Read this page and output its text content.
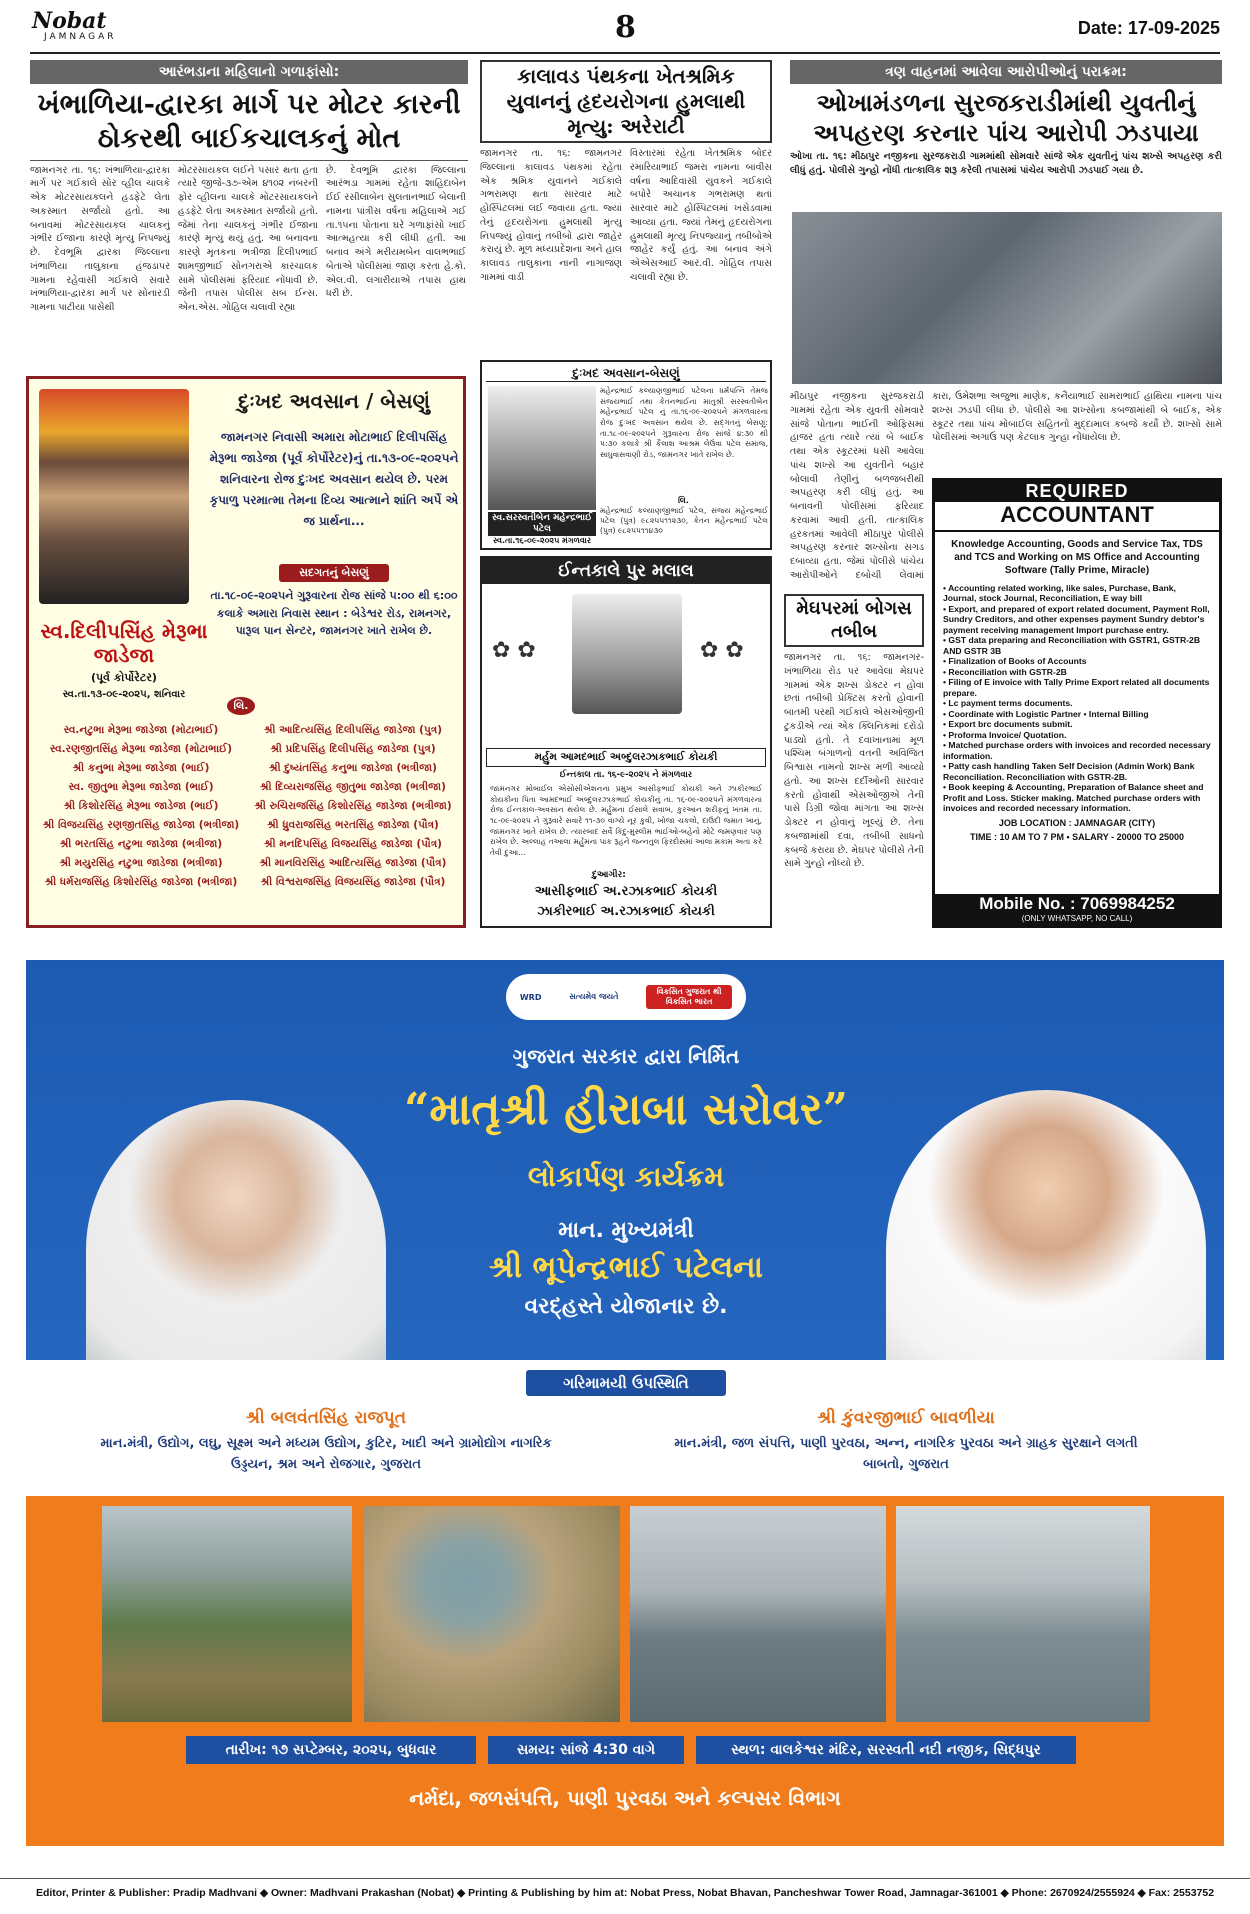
Nobat
JAMNAGAR	8	Date: 17-09-2025
આરંભડાના મહિલાનો ગળાફાંસો:
ખંભાળિયા-દ્વારકા માર્ગ પર મોટર કારની ઠોકરથી બાઈકચાલકનું મોત
જામનગર તા. ૧૬: ખંભાળિયા-દ્વારકા માર્ગ પર ગઈકાલે સોર વ્હીલ ચાલકે એક મોટરસાયકલને હડફેટે લેતા અકસ્માત સર્જાયો હતો. આ બનાવમાં મોટરસાયકલ ચાલકનું ગંભીર ઈજાના કારણે મૃત્યુ નિપજ્યું છે. દેવભૂમિ દ્વારકા જિલ્લાના ખંભાળિયા તાલુકાના હંજડાપર ગામના રહેવાસી ગઈકાલે સવારે ખંભાળિયા-દ્વારકા માર્ગ પર સોનારડી ગામના પાટીયા પાસેથી
મોટરસાયકલ લઈને પસાર થતા હતા ત્યારે જીજે-૩૭-એમ ૪૧૦૨ નંબરની ફોર વ્હીલના ચાલકે મોટરસાયકલને હડફેટે લેતા અકસ્માત સર્જાયો હતો. જેમાં તેના ચાલકનું ગંભીર ઈજાના કારણે મૃત્યુ થયું હતું. આ બનાવના કારણે મૃતકના ભત્રીજા દિલીપભાઈ શામજીભાઈ સોનગરાએ કારચાલક સામે પોલીસમાં ફરિયાદ નોંધાવી છે. જેની તપાસ પોલીસ સબ ઈન્સ. એન.એસ. ગોહિલ ચલાવી રહ્યા
છે. દેવભૂમિ દ્વારકા જિલ્લાના આરંભડા ગામમાં રહેતા શાહિદાબેન ઈઈ રસીલાબેન સુલતાનભાઈ બેલાની નામના પાંત્રીસ વર્ષના મહિલાએ ગઈ તા.૧૫ના પોતાના ઘરે ગળાફાંસો ખાઈ આત્મહત્યા કરી લીધી હતી. આ બનાવ અંગે મરીયમબેન વાલભભાઈ બેતાએ પોલીસમાં જાણ કરતા હે.કો. એલ.વી. લગારીયાએ તપાસ હાથ ધરી છે.
કાલાવડ પંથકના ખેતશ્રમિક યુવાનનું હૃદયરોગના હુમલાથી મૃત્યુ: અરેરાટી
જામનગર તા. ૧૬: જામનગર જિલ્લાના કાલાવડ પંથકમાં રહેતા એક શ્રમિક યુવાનને ગઈકાલે ગભરામણ થતા સારવાર માટે હોસ્પિટલમાં લઈ જવાયા હતા. જ્યાં તેનું હૃદયરોગના હુમલાથી મૃત્યુ નિપજ્યું હોવાનું તબીબો દ્વારા જાહેર કરાયું છે. મૂળ મધ્યપ્રદેશના અને હાલ કાલાવડ તાલુકાના નાની નાગાજણ ગામમાં વાડી
વિસ્તારમાં રહેતા ખેતશ્રમિક બોદર રમારિયાભાઈ જમરા નામના બાવીસ વર્ષના આદિવાસી યુવકને ગઈકાલે બપોરે અચાનક ગભરામણ થતાં સારવાર માટે હોસ્પિટલમાં ખસેડવામાં આવ્યા હતા. જ્યાં તેમનું હૃદયરોગના હુમલાથી મૃત્યુ નિપજ્યાનું તબીબોએ જાહેર કર્યું હતું. આ બનાવ અંગે એએસઆઈ આર.વી. ગોહિલ તપાસ ચલાવી રહ્યા છે.
ત્રણ વાહનમાં આવેલા આરોપીઓનું પરાક્રમ:
ઓખામંડળના સુરજકરાડીમાંથી યુવતીનું અપહરણ કરનાર પાંચ આરોપી ઝડપાયા
ઓખા તા. ૧૬: મીઠાપુર નજીકના સુરજકરાડી ગામમાંથી સોમવારે સાંજે એક યુવતીનું પાંચ શખ્સે અપહરણ કરી લીધું હતું. પોલીસે ગુન્હો નોંધી તાત્કાલિક શરૂ કરેલી તપાસમાં પાંચેય આરોપી ઝડપાઈ ગયા છે.
મીઠાપુર નજીકના સુરજકરાડી ગામમાં રહેતા એક યુવતી સોમવારે સાંજે પોતાના ભાઈની ઓફિસમાં હાજર હતા ત્યારે ત્યાં બે બાઈક તથા એક સ્કૂટરમાં ધસી આવેલા પાંચ શખ્સે આ યુવતીને બહાર બોલાવી તેણીનું બળજબરીથી અપહરણ કરી લીધું હતું. આ બનાવની પોલીસમાં ફરિયાદ કરવામાં આવી હતી. તાત્કાલિક હરકતમાં આવેલી મીઠાપુર પોલીસે અપહરણ કરનાર શખ્સોના સગડ દબાવ્યા હતા. જેમાં પોલીસે પાંચેય આરોપીઓને દબોચી લેવામાં
કારા, ઉમેશભા અજુભા માણેક, કનૈયાભાઈ સામરાભાઈ હાથિયા નામના પાંચ શખ્સ ઝડપી લીધા છે. પોલીસે આ શખ્સોના કબજામાંથી બે બાઈક, એક સ્કૂટર તથા પાંચ મોબાઈલ સહિતનો મુદ્દામાલ કબજે કર્યો છે. શખ્સો સામે પોલીસમાં અગાઉ પણ કેટલાક ગુન્હા નોંધાયેલા છે.
મેઘપરમાં બોગસ તબીબ
જામનગર તા. ૧૬: જામનગર-ખંભાળિયા રોડ પર આવેલા મેઘપર ગામમાં એક શખ્સ ડોક્ટર ન હોવા છતાં તબીબી પ્રેક્ટિસ કરતો હોવાની બાતમી પરથી ગઈકાલે એસઓજીની ટુકડીએ ત્યાં એક ક્લિનિકમાં દરોડો પાડ્યો હતો. તે દવાખાનામાં મૂળ પશ્ચિમ બંગાળનો વતની અવિજિત બિશ્વાસ નામનો શખ્સ મળી આવ્યો હતો. આ શખ્સ દર્દીઓની સારવાર કરતો હોવાથી એસઓજીએ તેની પાસે ડિગ્રી જોવા માંગતા આ શખ્સ ડોક્ટર ન હોવાનું ખૂલ્યું છે. તેના કબજામાંથી દવા, તબીબી સાધનો કબજે કરાયા છે. મેઘપર પોલીસે તેની સામે ગુન્હો નોંધ્યો છે.
દુઃખદ અવસાન / બેસણું
જામનગર નિવાસી અમારા મોટાભાઈ દિલીપસિંહ મેરૂભા જાડેજા (પૂર્વ કોર્પોરેટર)નું તા.૧૩-૦૯-૨૦૨૫ને શનિવારના રોજ દુઃખદ અવસાન થયેલ છે. પરમ કૃપાળુ પરમાત્મા તેમના દિવ્ય આત્માને શાંતિ અર્પે એ જ પ્રાર્થના...
સદગતનું બેસણું
તા.૧૮-૦૯-૨૦૨૫ને ગુરૂવારના રોજ સાંજે ૫:૦૦ થી ૬:૦૦ કલાકે અમારા નિવાસ સ્થાન : બેડેશ્વર રોડ, રામનગર, પારૂલ પાન સેન્ટર, જામનગર ખાતે રાખેલ છે.
સ્વ.દિલીપસિંહ મેરૂભા જાડેજા
(પૂર્વ કોર્પોરેટર)
સ્વ.તા.૧૩-૦૯-૨૦૨૫, શનિવાર
લિ.
સ્વ.નટુભા મેરૂભા જાડેજા (મોટાભાઈ)	શ્રી આદિત્યસિંહ દિલીપસિંહ જાડેજા (પુત્ર)
સ્વ.રણજીતસિંહ મેરૂભા જાડેજા (મોટાભાઈ)	શ્રી પ્રદિપસિંહ દિલીપસિંહ જાડેજા (પુત્ર)
શ્રી કનુભા મેરૂભા જાડેજા (ભાઈ)	શ્રી દુષ્યંતસિંહ કનુભા જાડેજા (ભત્રીજા)
સ્વ. જીતુભા મેરૂભા જાડેજા (ભાઈ)	શ્રી દિવ્યરાજસિંહ જીતુભા જાડેજા (ભત્રીજા)
શ્રી કિશોરસિંહ મેરૂભા જાડેજા (ભાઈ)	શ્રી રુચિરાજસિંહ કિશોરસિંહ જાડેજા (ભત્રીજા)
શ્રી વિજયસિંહ રણજીતસિંહ જાડેજા (ભત્રીજા)	શ્રી ધ્રુવરાજસિંહ ભરતસિંહ જાડેજા (પૌત્ર)
શ્રી ભરતસિંહ નટુભા જાડેજા (ભત્રીજા)	શ્રી મનદિપસિંહ વિજયસિંહ જાડેજા (પૌત્ર)
શ્રી મયુરસિંહ નટુભા જાડેજા (ભત્રીજા)	શ્રી માનવિરસિંહ આદિત્યસિંહ જાડેજા (પૌત્ર)
શ્રી ધર્મરાજસિંહ કિશોરસિંહ જાડેજા (ભત્રીજા)	શ્રી વિશ્વરાજસિંહ વિજયસિંહ જાડેજા (પૌત્ર)
દુઃખદ અવસાન-બેસણું
મહેન્દ્રભાઈ કલ્યાણજીભાઈ પટેલના ધર્મપત્નિ તેમજ સંજયભાઈ તથા કેતનભાઈના માતુશ્રી સરસ્વતીબેન મહેન્દ્રભાઈ પટેલ નું તા.૧૬-૦૯-૨૦૨૫ને મંગળવારના રોજ દુઃખદ અવસાન થયેલ છે. સદ્‌ગતનું બેસણું: તા.૧૮-૦૯-૨૦૨૫ને ગુરૂવારના રોજ સાંજે ૪:૩૦ થી ૫:૩૦ કલાકે શ્રી કૈલાશ આશ્રમ લેઉવા પટેલ સમાજ, સાધુવાસવાણી રોડ, જામનગર ખાતે રાખેલ છે.
લિ.
મહેન્દ્રભાઈ કલ્યાણજીભાઈ પટેલ, સંજય મહેન્દ્રભાઈ પટેલ (પુત્ર) ૯૮૨૫૫૧૧૨૩૦, કેતન મહેન્દ્રભાઈ પટેલ (પુત્ર) ૯૮૨૫૫૧૧૪૩૦
સ્વ.સરસ્વતીબેન મહેન્દ્રભાઈ પટેલ
સ્વ.તા.૧૬-૦૯-૨૦૨૫ મંગળવાર
ઈન્તકાલે પુર મલાલ
✿ ✿	✿ ✿
મર્હુમ આમદભાઈ અબ્દુલરઝાકભાઈ કોયકી
ઈન્તકાલ તા. ૧૬-૯-૨૦૨૫ ને મંગળવાર
જામનગર મોબાઈલ એસોસીએશનના પ્રમુખ આસીફભાઈ કોયકી અને ઝાકીરભાઈ કોયકીના પિતા આમદભાઈ અબ્દુલરઝાકભાઈ કોયકીનું તા. ૧૬-૦૯-૨૦૨૫ને મંગળવારના રોજ ઈન્તકાલ-અવસાન થયેલ છે. મર્હુમના ઈસાલે સવાબ, કુરઆન શરીફનું ખતમ તા. ૧૮-૦૯-૨૦૨૫ ને ગુરૂવારે સવારે ૧૧-૩૦ વાગ્યે નૂર કુવી, ખોજા ચકલો, દાઉદી જમાત ખાનું, જામનગર ખાતે રાખેલ છે. ત્યારબાદ સર્વે કિંદુ-મુસ્લીમ ભાઈઓ-બહેનો મોટે જમણવાર પણ રાખેલ છે. અલ્લાહ તઆલા મર્હુમના પાક રૂહને જન્નતુલ ફિરદોસમાં આલા મકામ અતા કરે તેવી દુઆ...
દુઆગીર:
આસીફભાઈ અ.રઝાકભાઈ કોયકી
ઝાકીરભાઈ અ.રઝાકભાઈ કોયકી
REQUIRED
ACCOUNTANT
Knowledge Accounting, Goods and Service Tax, TDS and TCS and Working on MS Office and Accounting Software (Tally Prime, Miracle)
• Accounting related working, like sales, Purchase, Bank, Journal, stock Journal, Reconciliation, E way bill
• Export, and prepared of export related document, Payment Roll, Sundry Creditors, and other expenses payment Sundry debtor's payment receiving management Import purchase entry.
• GST data preparing and Reconciliation with GSTR1, GSTR-2B AND GSTR 3B
• Finalization of Books of Accounts
• Reconciliation with GSTR-2B
• Filing of E invoice with Tally Prime Export related all documents prepare.
• Lc payment terms documents.
• Coordinate with Logistic Partner • Internal Billing
• Export brc documents submit.
• Proforma Invoice/ Quotation.
• Matched purchase orders with invoices and recorded necessary information.
• Patty cash handling Taken Self Decision (Admin Work) Bank Reconciliation. Reconciliation with GSTR-2B.
• Book keeping & Accounting, Preparation of Balance sheet and Profit and Loss. Sticker making. Matched purchase orders with invoices and recorded necessary information.
JOB LOCATION : JAMNAGAR (CITY)
TIME : 10 AM TO 7 PM • SALARY - 20000 TO 25000
Mobile No. : 7069984252
(ONLY WHATSAPP, NO CALL)
WRD	સત્યમેવ જયતે
વિકસિત ગુજરાત થી વિકસિત ભારત
ગુજરાત સરકાર દ્વારા નિર્મિત
“માતૃશ્રી હીરાબા સરોવર”
લોકાર્પણ કાર્યક્રમ
માન. મુખ્યમંત્રી
શ્રી ભૂપેન્દ્રભાઈ પટેલના
વરદ્‌હસ્તે યોજાનાર છે.
ગરિમામયી ઉપસ્થિતિ
શ્રી બલવંતસિંહ રાજપૂત
માન.મંત્રી, ઉદ્યોગ, લઘુ, સૂક્ષ્મ અને મધ્યમ ઉદ્યોગ, કુટિર, ખાદી અને ગ્રામોદ્યોગ નાગરિક ઉડ્ડયન, શ્રમ અને રોજગાર, ગુજરાત
શ્રી કુંવરજીભાઈ બાવળીયા
માન.મંત્રી, જળ સંપત્તિ, પાણી પુરવઠા, અન્ન, નાગરિક પુરવઠા અને ગ્રાહક સુરક્ષાને લગતી બાબતો, ગુજરાત
તારીખ: ૧૭ સપ્ટેમ્બર, ૨૦૨૫, બુધવાર	સમય: સાંજે 4:30 વાગે	સ્થળ: વાલકેશ્વર મંદિર, સરસ્વતી નદી નજીક, સિદ્ધપુર
નર્મદા, જળસંપત્તિ, પાણી પુરવઠા અને કલ્પસર વિભાગ
Editor, Printer & Publisher: Pradip Madhvani ◆ Owner: Madhvani Prakashan (Nobat) ◆ Printing & Publishing by him at: Nobat Press, Nobat Bhavan, Pancheshwar Tower Road, Jamnagar-361001 ◆ Phone: 2670924/2555924 ◆ Fax: 2553752
